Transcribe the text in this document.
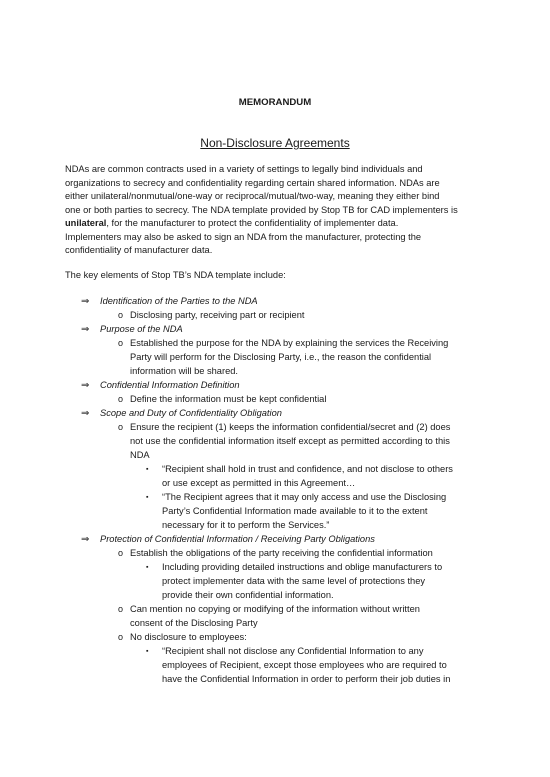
MEMORANDUM
Non-Disclosure Agreements

NDAs are common contracts used in a variety of settings to legally bind individuals and
organizations to secrecy and confidentiality regarding certain shared information. NDAs are
either unilateral/nonmutual/one-way or reciprocal/mutual/two-way, meaning they either bind
one or both parties to secrecy. The NDA template provided by Stop TB for CAD implementers is
unilateral, for the manufacturer to protect the confidentiality of implementer data.
Implementers may also be asked to sign an NDA from the manufacturer, protecting the
confidentiality of manufacturer data.

The key elements of Stop TB’s NDA template include:

⇒ Identification of the Parties to the NDA
o Disclosing party, receiving part or recipient
⇒ Purpose of the NDA
o Established the purpose for the NDA by explaining the services the Receiving
Party will perform for the Disclosing Party, i.e., the reason the confidential
information will be shared.
⇒ Confidential Information Definition
o Define the information must be kept confidential
⇒ Scope and Duty of Confidentiality Obligation
o Ensure the recipient (1) keeps the information confidential/secret and (2) does
not use the confidential information itself except as permitted according to this
NDA
▪ “Recipient shall hold in trust and confidence, and not disclose to others
or use except as permitted in this Agreement…
▪ “The Recipient agrees that it may only access and use the Disclosing
Party’s Confidential Information made available to it to the extent
necessary for it to perform the Services.”
⇒ Protection of Confidential Information / Receiving Party Obligations
o Establish the obligations of the party receiving the confidential information
▪ Including providing detailed instructions and oblige manufacturers to
protect implementer data with the same level of protections they
provide their own confidential information.
o Can mention no copying or modifying of the information without written
consent of the Disclosing Party
o No disclosure to employees:
▪ “Recipient shall not disclose any Confidential Information to any
employees of Recipient, except those employees who are required to
have the Confidential Information in order to perform their job duties in
